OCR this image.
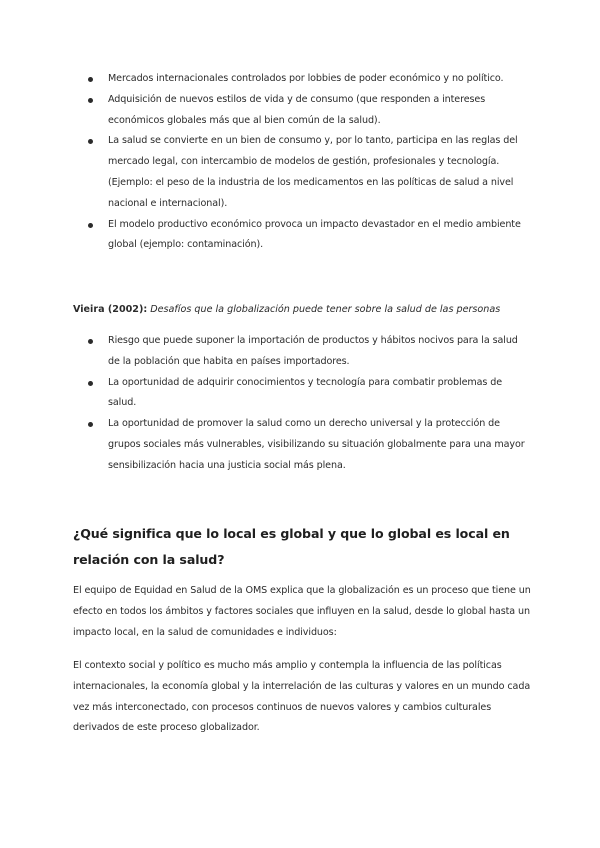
Mercados internacionales controlados por lobbies de poder económico y no político.
Adquisición de nuevos estilos de vida y de consumo (que responden a intereses económicos globales más que al bien común de la salud).
La salud se convierte en un bien de consumo y, por lo tanto, participa en las reglas del mercado legal, con intercambio de modelos de gestión, profesionales y tecnología. (Ejemplo: el peso de la industria de los medicamentos en las políticas de salud a nivel nacional e internacional).
El modelo productivo económico provoca un impacto devastador en el medio ambiente global (ejemplo: contaminación).
Vieira (2002): Desafíos que la globalización puede tener sobre la salud de las personas
Riesgo que puede suponer la importación de productos y hábitos nocivos para la salud de la población que habita en países importadores.
La oportunidad de adquirir conocimientos y tecnología para combatir problemas de salud.
La oportunidad de promover la salud como un derecho universal y la protección de grupos sociales más vulnerables, visibilizando su situación globalmente para una mayor sensibilización hacia una justicia social más plena.
¿Qué significa que lo local es global y que lo global es local en relación con la salud?

El equipo de Equidad en Salud de la OMS explica que la globalización es un proceso que tiene un efecto en todos los ámbitos y factores sociales que influyen en la salud, desde lo global hasta un impacto local, en la salud de comunidades e individuos:

El contexto social y político es mucho más amplio y contempla la influencia de las políticas internacionales, la economía global y la interrelación de las culturas y valores en un mundo cada vez más interconectado, con procesos continuos de nuevos valores y cambios culturales derivados de este proceso globalizador.
